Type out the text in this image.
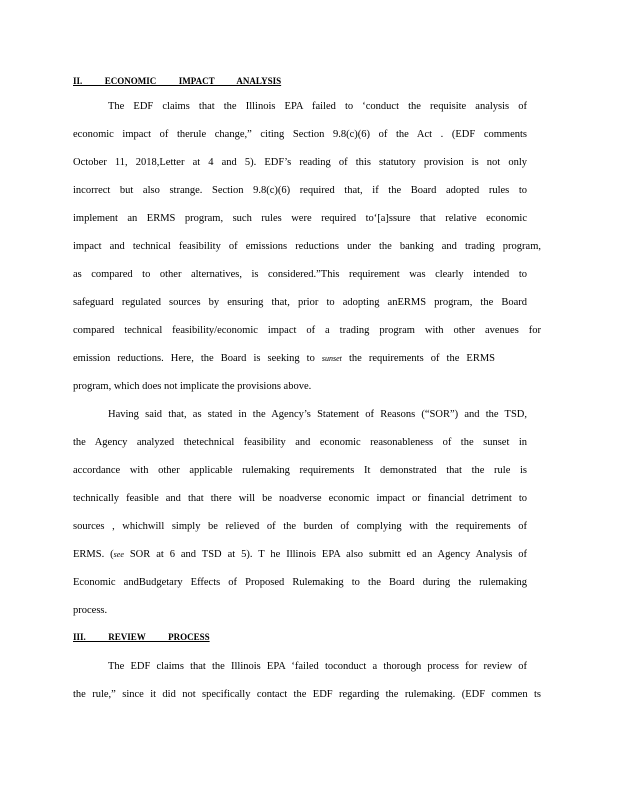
II.          ECONOMIC          IMPACT          ANALYSIS
The EDF claims that the Illinois EPA failed to ‘conduct the requisite analysis of
economic impact of therule change,” citing Section 9.8(c)(6) of the Act . (EDF comments
October 11, 2018,Letter at 4 and 5). EDF’s reading of this statutory provision is not only
incorrect but also strange. Section 9.8(c)(6) required that, if the Board adopted rules to
implement an ERMS program, such rules were required to‘[a]ssure that relative economic
impact and technical feasibility of emissions reductions under the banking and trading program,
as compared to other alternatives, is considered.”This requirement was clearly intended to
safeguard regulated sources by ensuring that, prior to adopting anERMS program, the Board
compared technical feasibility/economic impact of a trading program with other avenues for
emission reductions. Here, the Board is seeking to sunset the requirements of the ERMS
program, which does not implicate the provisions above.
Having said that, as stated in the Agency’s Statement of Reasons (“SOR”) and the TSD,
the Agency analyzed thetechnical feasibility and economic reasonableness of the sunset in
accordance with other applicable rulemaking requirements It demonstrated that the rule is
technically feasible and that there will be noadverse economic impact or financial detriment to
sources , whichwill simply be relieved of the burden of complying with the requirements of
ERMS. (see SOR at 6 and TSD at 5). T he Illinois EPA also submitt ed an Agency Analysis of
Economic andBudgetary Effects of Proposed Rulemaking to the Board during the rulemaking
process.
III.          REVIEW          PROCESS
The EDF claims that the Illinois EPA ‘failed toconduct a thorough process for review of
the rule,” since it did not specifically contact the EDF regarding the rulemaking. (EDF commen ts
